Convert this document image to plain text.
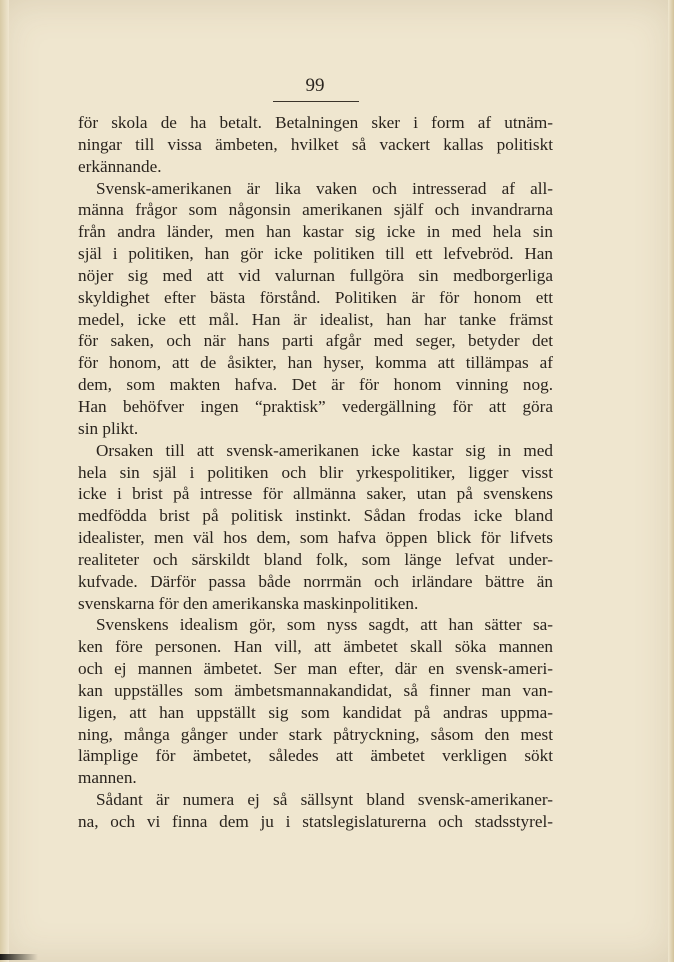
99
för skola de ha betalt. Betalningen sker i form af utnäm-
ningar till vissa ämbeten, hvilket så vackert kallas politiskt
erkännande.
Svensk-amerikanen är lika vaken och intresserad af all-
männa frågor som någonsin amerikanen själf och invandrarna
från andra länder, men han kastar sig icke in med hela sin
själ i politiken, han gör icke politiken till ett lefvebröd. Han
nöjer sig med att vid valurnan fullgöra sin medborgerliga
skyldighet efter bästa förstånd. Politiken är för honom ett
medel, icke ett mål. Han är idealist, han har tanke främst
för saken, och när hans parti afgår med seger, betyder det
för honom, att de åsikter, han hyser, komma att tillämpas af
dem, som makten hafva. Det är för honom vinning nog.
Han behöfver ingen “praktisk” vedergällning för att göra
sin plikt.
Orsaken till att svensk-amerikanen icke kastar sig in med
hela sin själ i politiken och blir yrkespolitiker, ligger visst
icke i brist på intresse för allmänna saker, utan på svenskens
medfödda brist på politisk instinkt. Sådan frodas icke bland
idealister, men väl hos dem, som hafva öppen blick för lifvets
realiteter och särskildt bland folk, som länge lefvat under-
kufvade. Därför passa både norrmän och irländare bättre än
svenskarna för den amerikanska maskinpolitiken.
Svenskens idealism gör, som nyss sagdt, att han sätter sa-
ken före personen. Han vill, att ämbetet skall söka mannen
och ej mannen ämbetet. Ser man efter, där en svensk-ameri-
kan uppställes som ämbetsmannakandidat, så finner man van-
ligen, att han uppställt sig som kandidat på andras uppma-
ning, många gånger under stark påtryckning, såsom den mest
lämplige för ämbetet, således att ämbetet verkligen sökt
mannen.
Sådant är numera ej så sällsynt bland svensk-amerikaner-
na, och vi finna dem ju i statslegislaturerna och stadsstyrel-
